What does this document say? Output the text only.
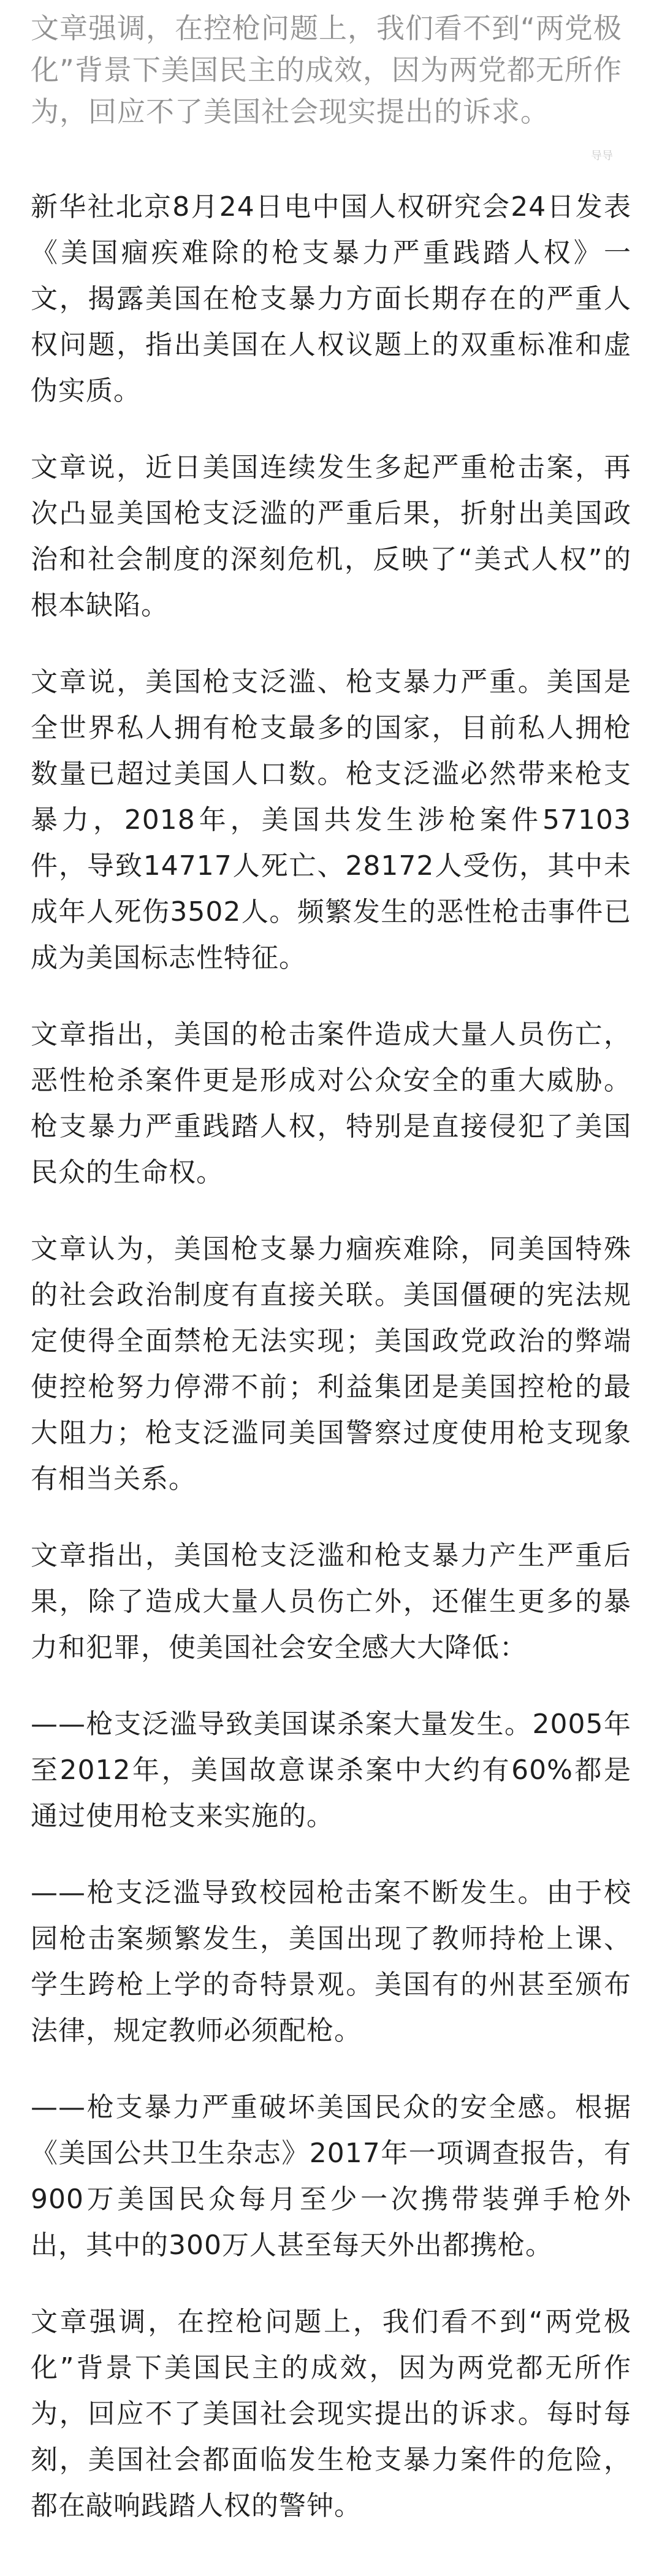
文章强调，在控枪问题上，我们看不到“两党极化”背景下美国民主的成效，因为两党都无所作为，回应不了美国社会现实提出的诉求。

导导

新华社北京8月24日电中国人权研究会24日发表《美国痼疾难除的枪支暴力严重践踏人权》一文，揭露美国在枪支暴力方面长期存在的严重人权问题，指出美国在人权议题上的双重标准和虚伪实质。

文章说，近日美国连续发生多起严重枪击案，再次凸显美国枪支泛滥的严重后果，折射出美国政治和社会制度的深刻危机，反映了“美式人权”的根本缺陷。

文章说，美国枪支泛滥、枪支暴力严重。美国是全世界私人拥有枪支最多的国家，目前私人拥枪数量已超过美国人口数。枪支泛滥必然带来枪支暴力，2018年，美国共发生涉枪案件57103件，导致14717人死亡、28172人受伤，其中未成年人死伤3502人。频繁发生的恶性枪击事件已成为美国标志性特征。

文章指出，美国的枪击案件造成大量人员伤亡，恶性枪杀案件更是形成对公众安全的重大威胁。枪支暴力严重践踏人权，特别是直接侵犯了美国民众的生命权。

文章认为，美国枪支暴力痼疾难除，同美国特殊的社会政治制度有直接关联。美国僵硬的宪法规定使得全面禁枪无法实现；美国政党政治的弊端使控枪努力停滞不前；利益集团是美国控枪的最大阻力；枪支泛滥同美国警察过度使用枪支现象有相当关系。

文章指出，美国枪支泛滥和枪支暴力产生严重后果，除了造成大量人员伤亡外，还催生更多的暴力和犯罪，使美国社会安全感大大降低：

——枪支泛滥导致美国谋杀案大量发生。2005年至2012年，美国故意谋杀案中大约有60%都是通过使用枪支来实施的。

——枪支泛滥导致校园枪击案不断发生。由于校园枪击案频繁发生，美国出现了教师持枪上课、学生跨枪上学的奇特景观。美国有的州甚至颁布法律，规定教师必须配枪。

——枪支暴力严重破坏美国民众的安全感。根据《美国公共卫生杂志》2017年一项调查报告，有900万美国民众每月至少一次携带装弹手枪外出，其中的300万人甚至每天外出都携枪。

文章强调，在控枪问题上，我们看不到“两党极化”背景下美国民主的成效，因为两党都无所作为，回应不了美国社会现实提出的诉求。每时每刻，美国社会都面临发生枪支暴力案件的危险，都在敲响践踏人权的警钟。
